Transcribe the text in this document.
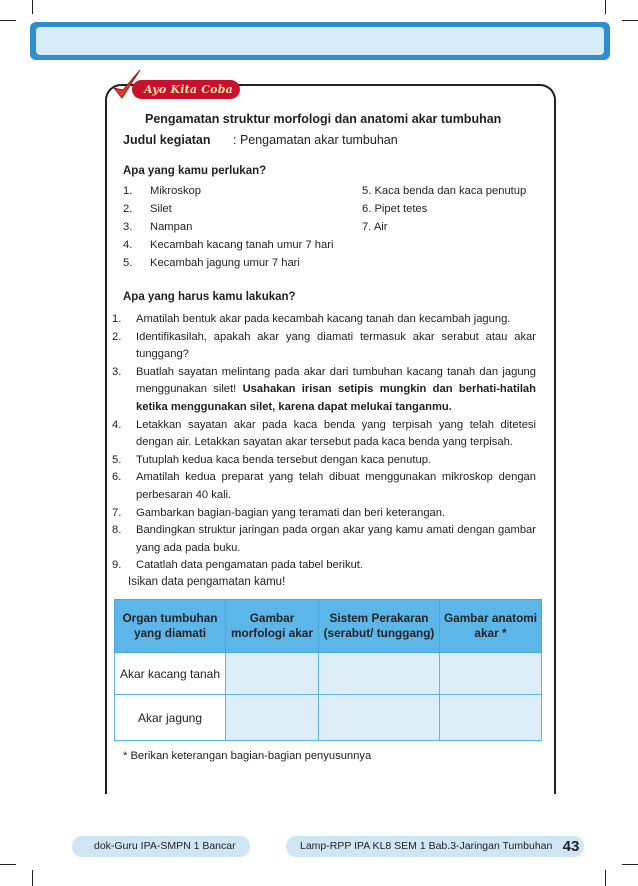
Ayo Kita Coba
Pengamatan struktur morfologi dan anatomi akar tumbuhan
Judul kegiatan : Pengamatan akar tumbuhan
Apa yang kamu perlukan?
1. Mikroskop
2. Silet
3. Nampan
4. Kecambah kacang tanah umur 7 hari
5. Kecambah jagung umur 7 hari
5. Kaca benda dan kaca penutup
6. Pipet tetes
7. Air
Apa yang harus kamu lakukan?
1. Amatilah bentuk akar pada kecambah kacang tanah dan kecambah jagung.
2. Identifikasilah, apakah akar yang diamati termasuk akar serabut atau akar tunggang?
3. Buatlah sayatan melintang pada akar dari tumbuhan kacang tanah dan jagung menggunakan silet! Usahakan irisan setipis mungkin dan berhati-hatilah ketika menggunakan silet, karena dapat melukai tanganmu.
4. Letakkan sayatan akar pada kaca benda yang terpisah yang telah ditetesi dengan air. Letakkan sayatan akar tersebut pada kaca benda yang terpisah.
5. Tutuplah kedua kaca benda tersebut dengan kaca penutup.
6. Amatilah kedua preparat yang telah dibuat menggunakan mikroskop dengan perbesaran 40 kali.
7. Gambarkan bagian-bagian yang teramati dan beri keterangan.
8. Bandingkan struktur jaringan pada organ akar yang kamu amati dengan gambar yang ada pada buku.
9. Catatlah data pengamatan pada tabel berikut.
Isikan data pengamatan kamu!
Organ tumbuhan yang diamati	Gambar morfologi akar	Sistem Perakaran (serabut/ tunggang)	Gambar anatomi akar *
Akar kacang tanah			
Akar jagung			
* Berikan keterangan bagian-bagian penyusunnya
dok-Guru IPA-SMPN 1 Bancar	Lamp-RPP IPA KL8 SEM 1 Bab.3-Jaringan Tumbuhan 43
